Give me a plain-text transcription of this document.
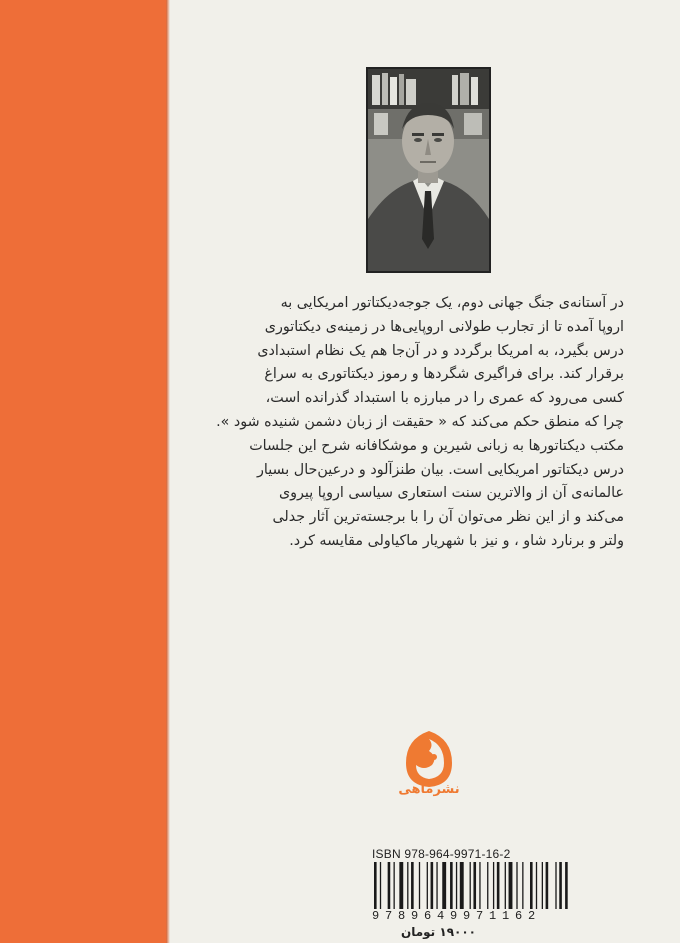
در آستانه‌ی جنگ جهانی دوم، یک جوجه‌دیکتاتور امریکایی به
اروپا آمده تا از تجارب طولانی اروپایی‌ها در زمینه‌ی دیکتاتوری
درس بگیرد، به امریکا برگردد و در آن‌جا هم یک نظام استبدادی
برقرار کند. برای فراگیری شگردها و رموز دیکتاتوری به سراغ
کسی می‌رود که عمری را در مبارزه با استبداد گذرانده است،
چرا که منطق حکم می‌کند که « حقیقت از زبان دشمن شنیده شود ».
مکتب دیکتاتورها به زبانی شیرین و موشکافانه شرح این جلسات
درس دیکتاتور امریکایی است. بیان طنزآلود و درعین‌حال بسیار
عالمانه‌ی آن از والاترین سنت استعاری سیاسی اروپا پیروی
می‌کند و از این نظر می‌توان آن را با برجسته‌ترین آثار جدلی
ولتر و برنارد شاو ، و نیز با شهریار ماکیاولی مقایسه کرد.
نشرماهی
ISBN 978-964-9971-16-2
9789649971162
۱۹۰۰۰ تومان
